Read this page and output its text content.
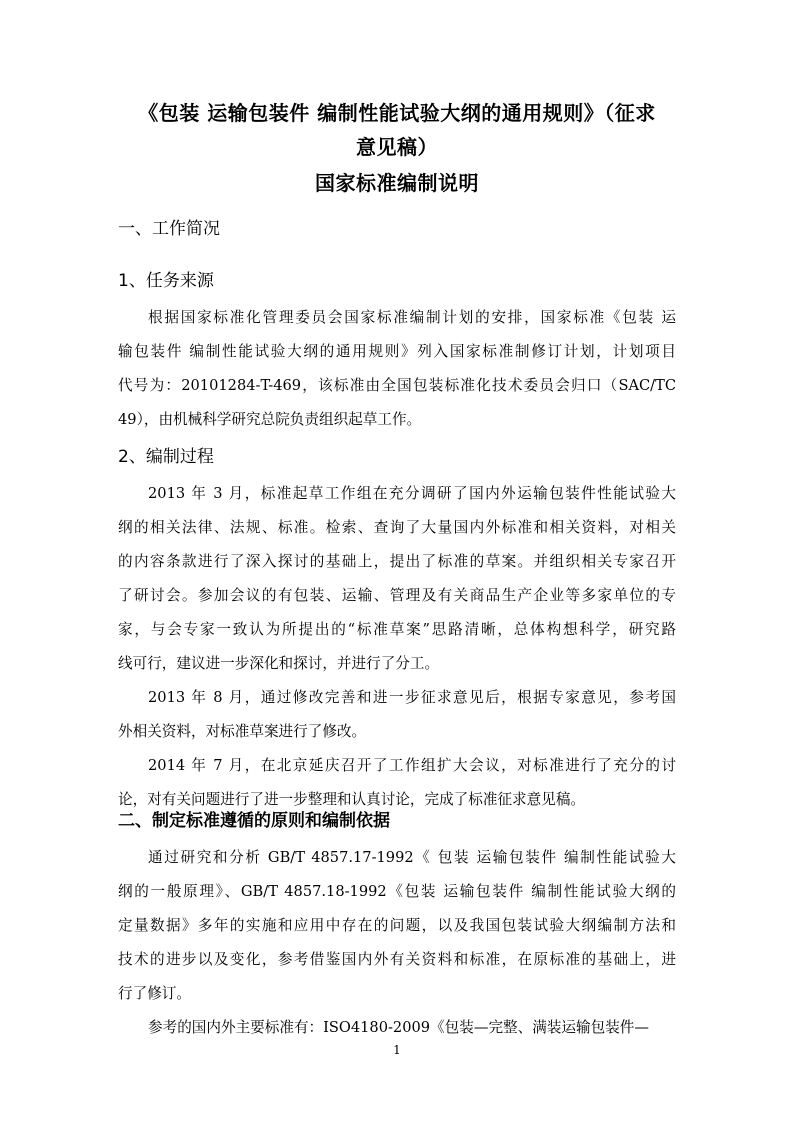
《包装 运输包装件 编制性能试验大纲的通用规则》（征求
意见稿）
国家标准编制说明
一、工作简况
1、任务来源
根据国家标准化管理委员会国家标准编制计划的安排，国家标准《包装 运
输包装件 编制性能试验大纲的通用规则》列入国家标准制修订计划，计划项目
代号为：20101284-T-469，该标准由全国包装标准化技术委员会归口（SAC/TC
49），由机械科学研究总院负责组织起草工作。
2、编制过程
2013 年 3 月，标准起草工作组在充分调研了国内外运输包装件性能试验大
纲的相关法律、法规、标准。检索、查询了大量国内外标准和相关资料，对相关
的内容条款进行了深入探讨的基础上，提出了标准的草案。并组织相关专家召开
了研讨会。参加会议的有包装、运输、管理及有关商品生产企业等多家单位的专
家，与会专家一致认为所提出的“标准草案”思路清晰，总体构想科学，研究路
线可行，建议进一步深化和探讨，并进行了分工。
2013 年 8 月，通过修改完善和进一步征求意见后，根据专家意见，参考国
外相关资料，对标准草案进行了修改。
2014 年 7 月，在北京延庆召开了工作组扩大会议，对标准进行了充分的讨
论，对有关问题进行了进一步整理和认真讨论，完成了标准征求意见稿。
二、制定标准遵循的原则和编制依据
通过研究和分析 GB/T 4857.17-1992《 包装 运输包装件 编制性能试验大
纲的一般原理》、GB/T 4857.18-1992《包装 运输包装件 编制性能试验大纲的
定量数据》多年的实施和应用中存在的问题，以及我国包装试验大纲编制方法和
技术的进步以及变化，参考借鉴国内外有关资料和标准，在原标准的基础上，进
行了修订。
参考的国内外主要标准有：ISO4180-2009《包装—完整、满装运输包装件—
1
